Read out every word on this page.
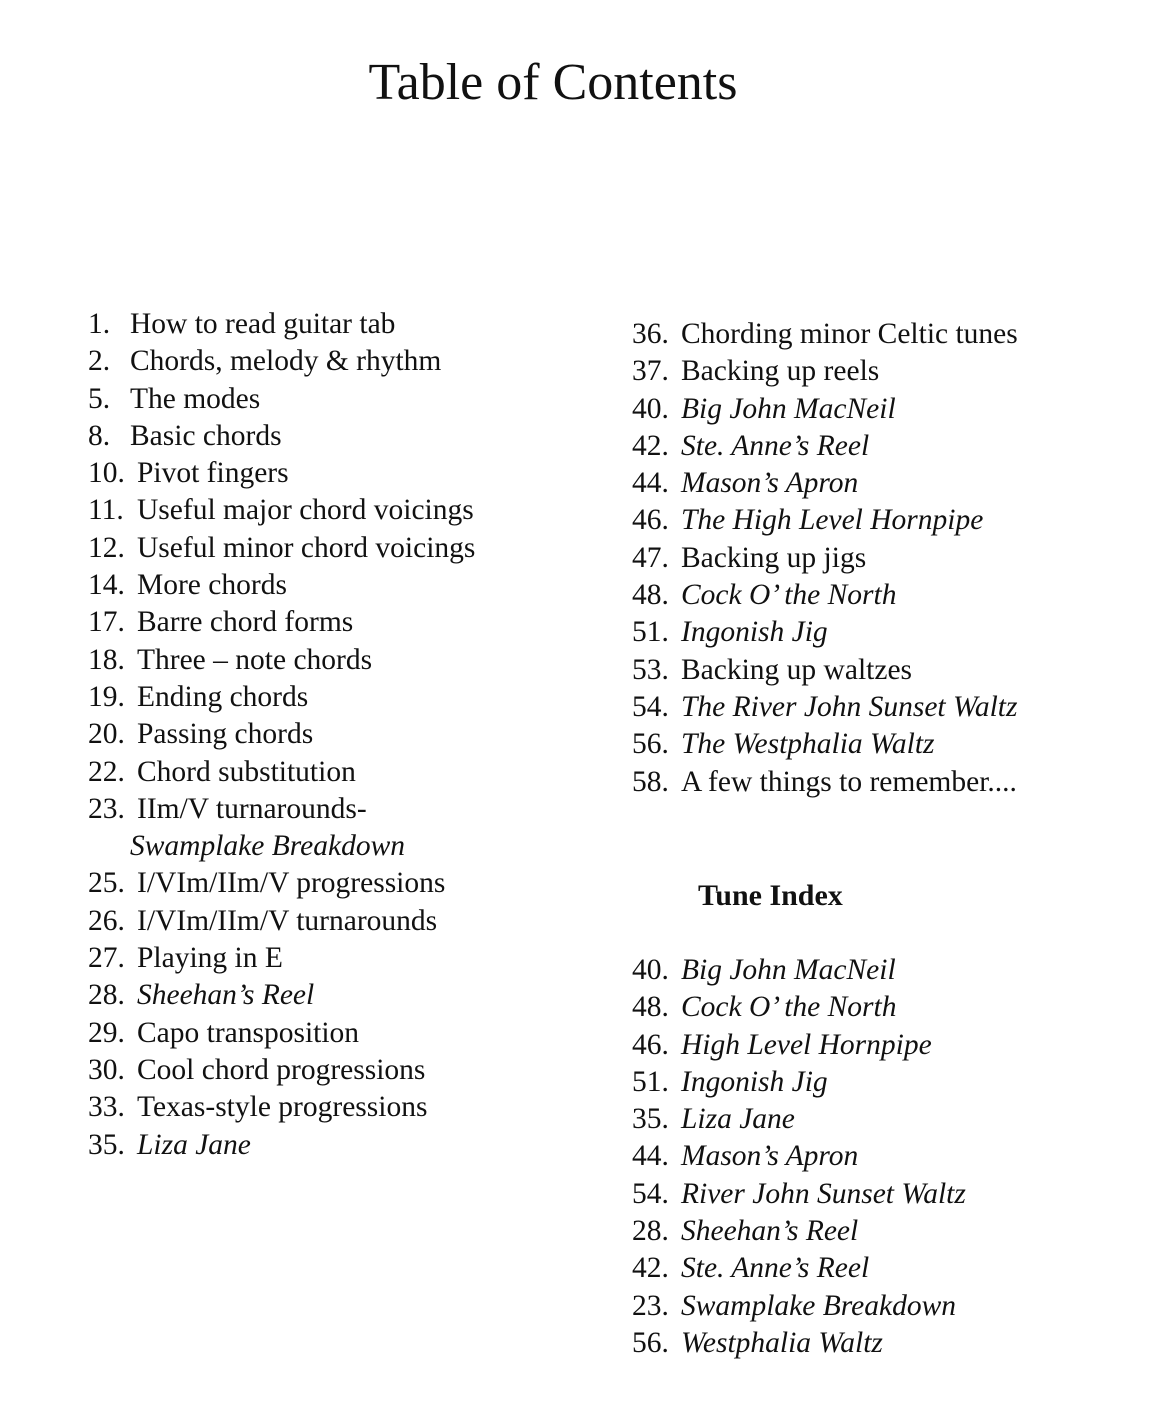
Table of Contents
1. How to read guitar tab
2. Chords, melody & rhythm
5. The modes
8. Basic chords
10. Pivot fingers
11. Useful major chord voicings
12. Useful minor chord voicings
14. More chords
17. Barre chord forms
18. Three – note chords
19. Ending chords
20. Passing chords
22. Chord substitution
23. IIm/V turnarounds-
Swamplake Breakdown
25. I/VIm/IIm/V progressions
26. I/VIm/IIm/V turnarounds
27. Playing in E
28. Sheehan’s Reel
29. Capo transposition
30. Cool chord progressions
33. Texas-style progressions
35. Liza Jane
36. Chording minor Celtic tunes
37. Backing up reels
40. Big John MacNeil
42. Ste. Anne’s Reel
44. Mason’s Apron
46. The High Level Hornpipe
47. Backing up jigs
48. Cock O’ the North
51. Ingonish Jig
53. Backing up waltzes
54. The River John Sunset Waltz
56. The Westphalia Waltz
58. A few things to remember....
Tune Index
40. Big John MacNeil
48. Cock O’ the North
46. High Level Hornpipe
51. Ingonish Jig
35. Liza Jane
44. Mason’s Apron
54. River John Sunset Waltz
28. Sheehan’s Reel
42. Ste. Anne’s Reel
23. Swamplake Breakdown
56. Westphalia Waltz
